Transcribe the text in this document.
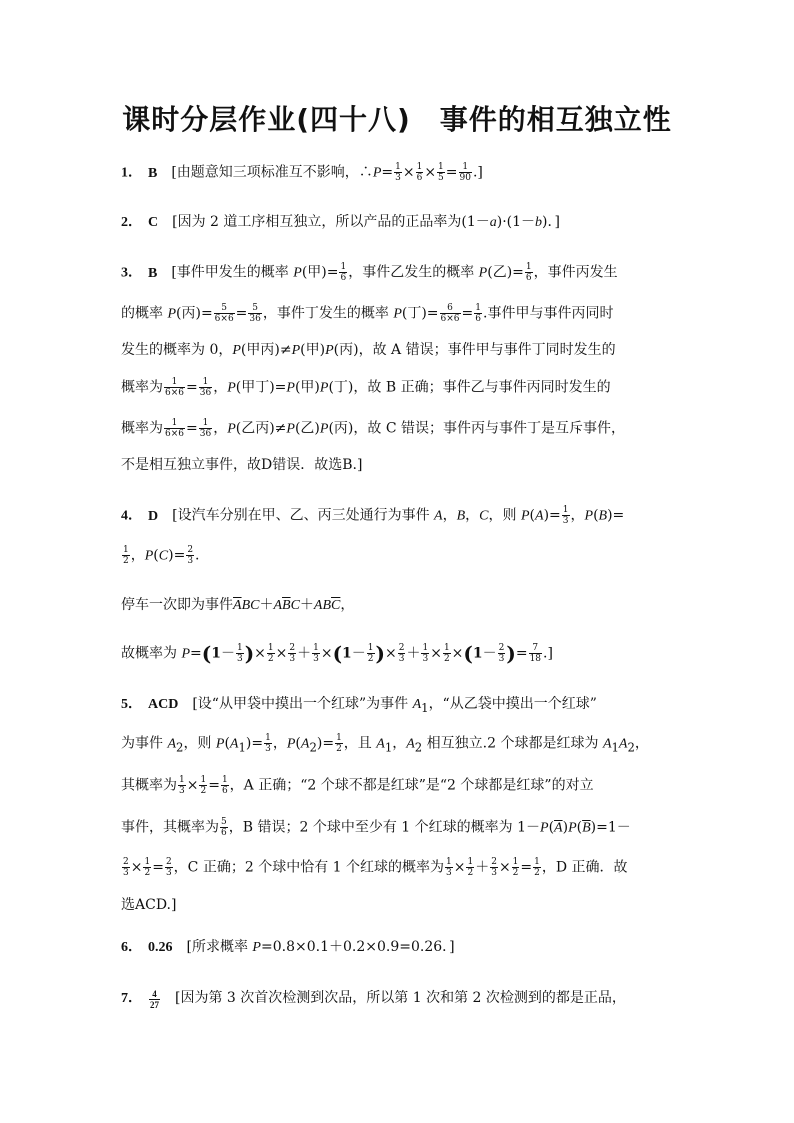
课时分层作业(四十八)　事件的相互独立性
1． B [由题意知三项标准互不影响，∴P= $\frac{1}{3} \times \frac{1}{6} \times \frac{1}{5} = \frac{1}{90}$ .]
2． C [因为 2 道工序相互独立，所以产品的正品率为(1－a)·(1－b)．]
3． B [事件甲发生的概率 P(甲)= $\frac{1}{6}$ ，事件乙发生的概率 P(乙)= $\frac{1}{6}$ ，事件丙发生
的概率 P(丙)= $\frac{5}{6\times 6} = \frac{5}{36}$ ，事件丁发生的概率 P(丁)= $\frac{6}{6\times 6} = \frac{1}{6}$ .事件甲与事件丙同时
发生的概率为 0，P(甲丙)≠P(甲)P(丙)，故 A 错误；事件甲与事件丁同时发生的
概率为 $\frac{1}{6\times 6} = \frac{1}{36}$ ，P(甲丁)=P(甲)P(丁)，故 B 正确；事件乙与事件丙同时发生的
概率为 $\frac{1}{6\times 6} = \frac{1}{36}$ ，P(乙丙)≠P(乙)P(丙)，故 C 错误；事件丙与事件丁是互斥事件，
不是相互独立事件，故D错误．故选B.]
4． D [设汽车分别在甲、乙、丙三处通行为事件 A，B，C，则 $P(A)= \frac{1}{3}$ ，P(B)=
$\frac{1}{2}$ ，$P(C)= \frac{2}{3}$ .
停车一次即为事件$\overline{A}BC+A\overline{B}C+AB\overline{C}$，
故概率为 $P=(1- \frac{1}{3}$ )× $\frac{1}{2} \times \frac{2}{3} + \frac{1}{3} \times(1- \frac{1}{2}$ )× $\frac{2}{3} + \frac{1}{3} \times \frac{1}{2} \times(1- \frac{2}{3}$ )= $\frac{7}{18}$ .]
5． ACD [设“从甲袋中摸出一个红球”为事件 $A_1$，“从乙袋中摸出一个红球”
为事件 $A_2$，则 $P(A_1)= \frac{1}{3}$ ，$P(A_2)= \frac{1}{2}$ ，且 $A_1$，$A_2$ 相互独立.2 个球都是红球为 $A_1A_2$，
其概率为 $\frac{1}{3} \times \frac{1}{2} = \frac{1}{6}$ ，A 正确；“2 个球不都是红球”是“2 个球都是红球”的对立
事件，其概率为 $\frac{5}{6}$ ，B 错误；2 个球中至少有 1 个红球的概率为 $1-P(\overline{A})P(\overline{B})=1-$
$\frac{2}{3} \times \frac{1}{2} = \frac{2}{3}$ ，C 正确；2 个球中恰有 1 个红球的概率为 $\frac{1}{3} \times \frac{1}{2} + \frac{2}{3} \times \frac{1}{2} = \frac{1}{2}$ ，D 正确．故
选ACD.]
6． 0.26 [所求概率 P=0.8×0.1＋0.2×0.9=0.26．]
7． $\frac{4}{27}$ [因为第 3 次首次检测到次品，所以第 1 次和第 2 次检测到的都是正品，
